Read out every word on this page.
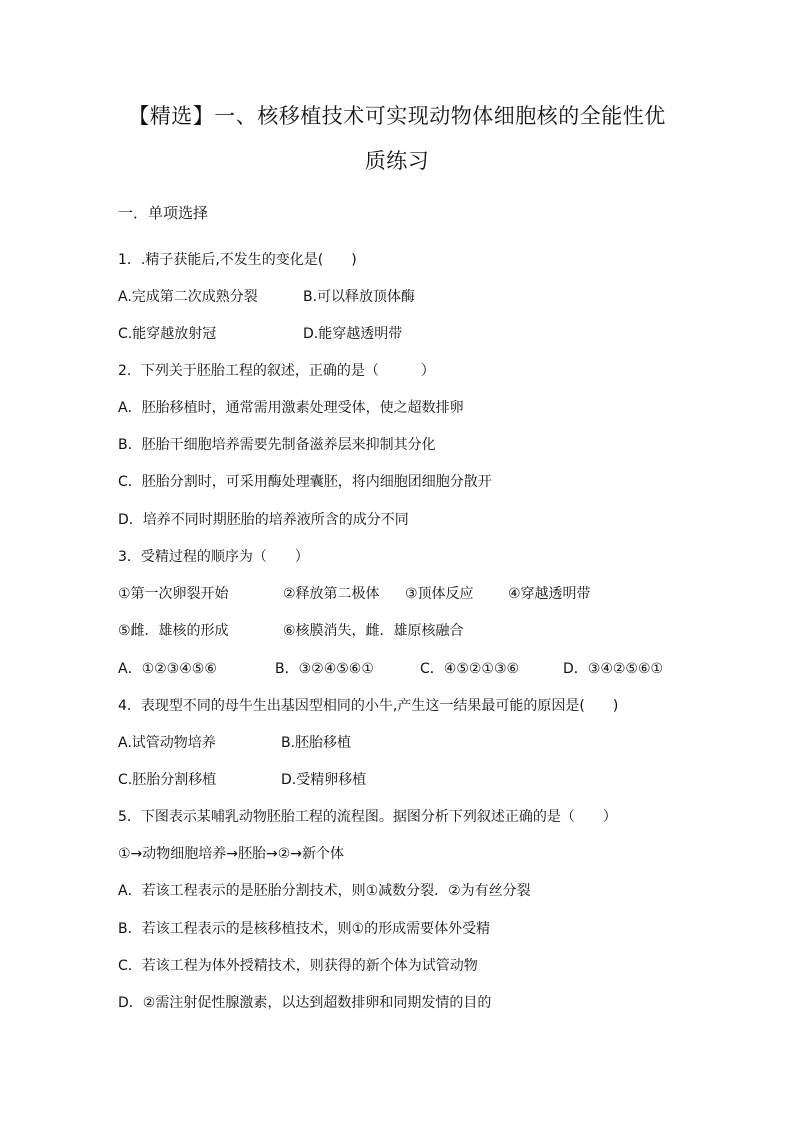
【精选】一、核移植技术可实现动物体细胞核的全能性优
质练习
一．单项选择
1．.精子获能后,不发生的变化是(　　)
A.完成第二次成熟分裂	B.可以释放顶体酶
C.能穿越放射冠	D.能穿越透明带
2．下列关于胚胎工程的叙述，正确的是（　　　）
A．胚胎移植时，通常需用激素处理受体，使之超数排卵
B．胚胎干细胞培养需要先制备滋养层来抑制其分化
C．胚胎分割时，可采用酶处理囊胚，将内细胞团细胞分散开
D．培养不同时期胚胎的培养液所含的成分不同
3．受精过程的顺序为（　　）
①第一次卵裂开始	②释放第二极体 ③顶体反应 ④穿越透明带
⑤雌．雄核的形成	⑥核膜消失，雌．雄原核融合
A．①②③④⑤⑥	B．③②④⑤⑥①	C．④⑤②①③⑥	D．③④②⑤⑥①
4．表现型不同的母牛生出基因型相同的小牛,产生这一结果最可能的原因是(　　)
A.试管动物培养	B.胚胎移植
C.胚胎分割移植	D.受精卵移植
5．下图表示某哺乳动物胚胎工程的流程图。据图分析下列叙述正确的是（　　）
①→动物细胞培养→胚胎→②→新个体
A．若该工程表示的是胚胎分割技术，则①减数分裂．②为有丝分裂
B．若该工程表示的是核移植技术，则①的形成需要体外受精
C．若该工程为体外授精技术，则获得的新个体为试管动物
D．②需注射促性腺激素，以达到超数排卵和同期发情的目的
